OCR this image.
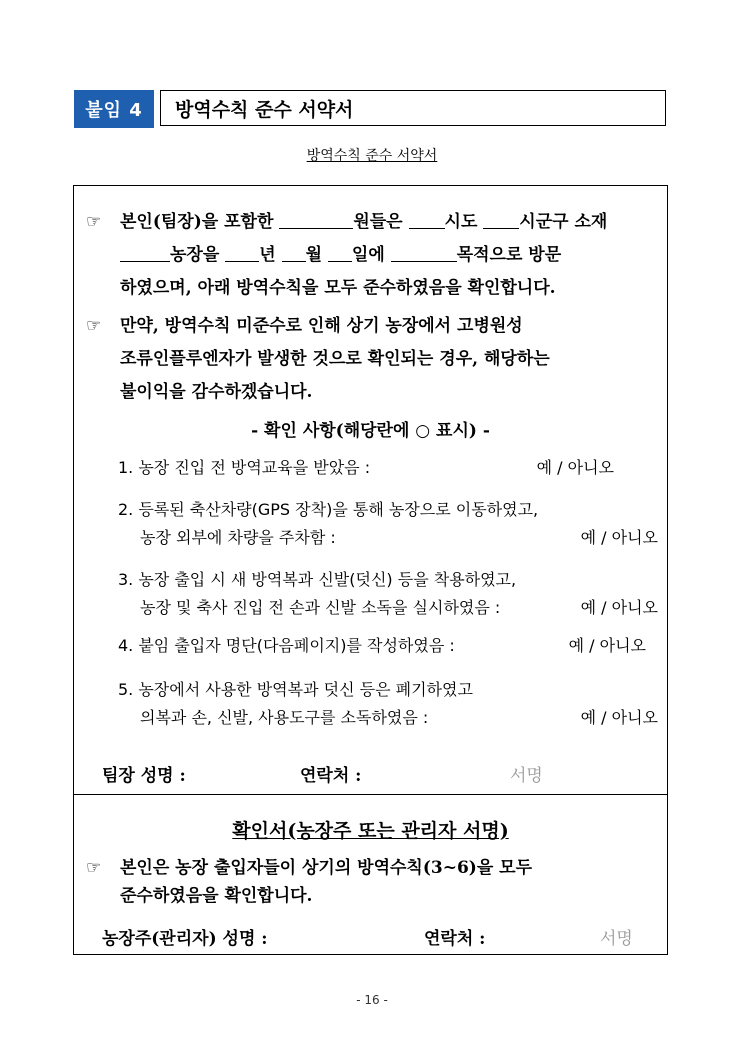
붙임 4	방역수칙 준수 서약서
방역수칙 준수 서약서
☞	본인(팀장)을 포함한	원들은 시도 시군구 소재
농장을 년 월 일에	목적으로 방문
하였으며, 아래 방역수칙을 모두 준수하였음을 확인합니다.
☞	만약, 방역수칙 미준수로 인해 상기 농장에서 고병원성
조류인플루엔자가 발생한 것으로 확인되는 경우, 해당하는
불이익을 감수하겠습니다.
- 확인 사항(해당란에 ○ 표시) -
1. 농장 진입 전 방역교육을 받았음 :	예 / 아니오
2. 등록된 축산차량(GPS 장착)을 통해 농장으로 이동하였고,
농장 외부에 차량을 주차함 :	예 / 아니오
3. 농장 출입 시 새 방역복과 신발(덧신) 등을 착용하였고,
농장 및 축사 진입 전 손과 신발 소독을 실시하였음 :	예 / 아니오
4. 붙임 출입자 명단(다음페이지)를 작성하였음 :	예 / 아니오
5. 농장에서 사용한 방역복과 덧신 등은 폐기하였고
의복과 손, 신발, 사용도구를 소독하였음 :	예 / 아니오
팀장 성명 :	연락처 :	서명
확인서(농장주 또는 관리자 서명)
☞	본인은 농장 출입자들이 상기의 방역수칙(3~6)을 모두
준수하였음을 확인합니다.
농장주(관리자) 성명 :	연락처 :	서명
- 16 -
